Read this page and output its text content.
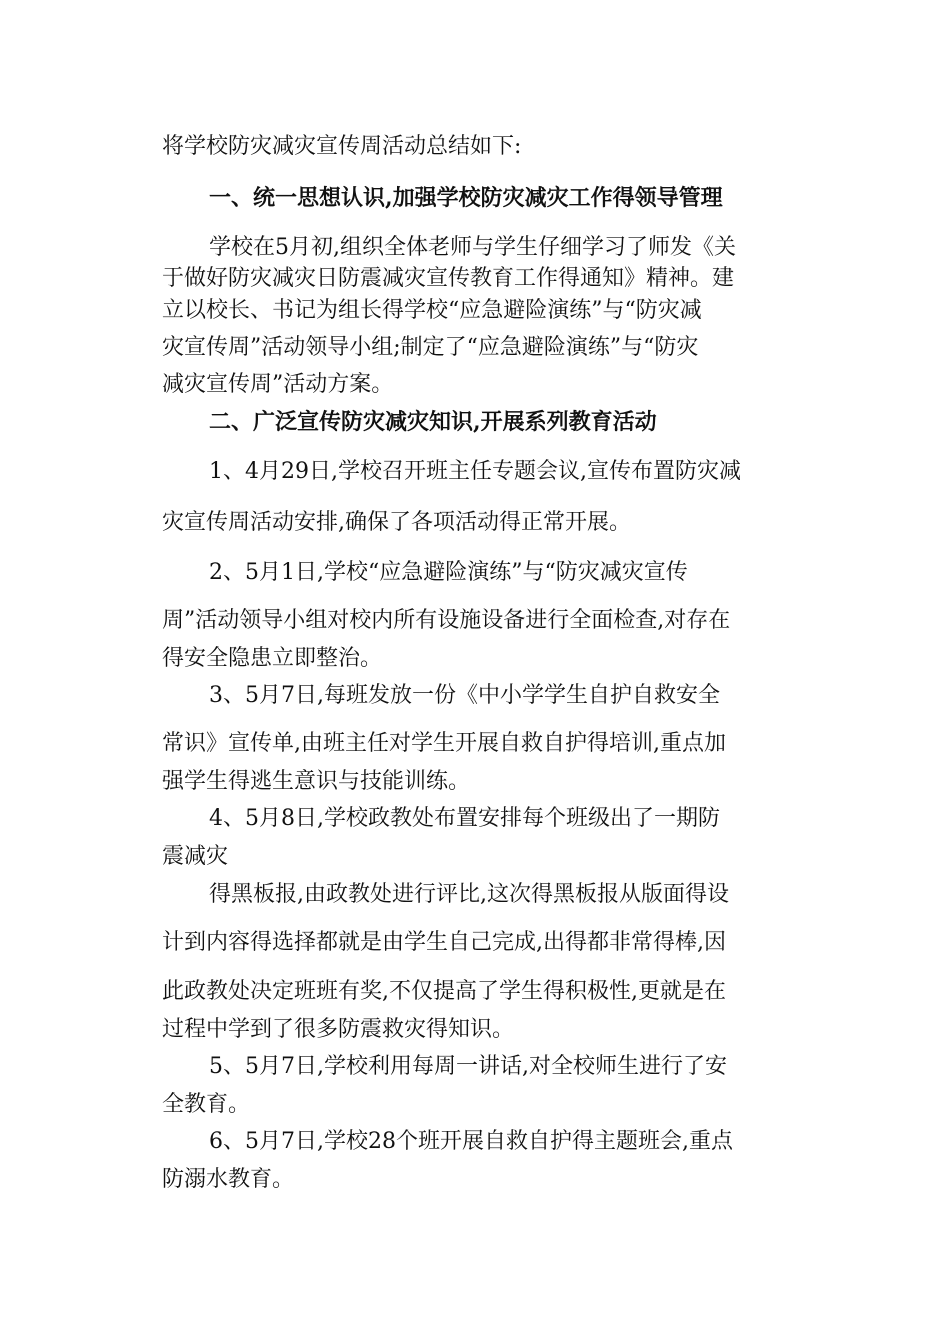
将学校防灾减灾宣传周活动总结如下:
一、统一思想认识,加强学校防灾减灾工作得领导管理
学校在5月初,组织全体老师与学生仔细学习了师发《关
于做好防灾减灾日防震减灾宣传教育工作得通知》精神。建
立以校长、书记为组长得学校“应急避险演练”与“防灾减
灾宣传周”活动领导小组;制定了“应急避险演练”与“防灾
减灾宣传周”活动方案。
二、广泛宣传防灾减灾知识,开展系列教育活动
1、4月29日,学校召开班主任专题会议,宣传布置防灾减
灾宣传周活动安排,确保了各项活动得正常开展。
2、5月1日,学校“应急避险演练”与“防灾减灾宣传
周”活动领导小组对校内所有设施设备进行全面检查,对存在
得安全隐患立即整治。
3、5月7日,每班发放一份《中小学学生自护自救安全
常识》宣传单,由班主任对学生开展自救自护得培训,重点加
强学生得逃生意识与技能训练。
4、5月8日,学校政教处布置安排每个班级出了一期防
震减灾
得黑板报,由政教处进行评比,这次得黑板报从版面得设
计到内容得选择都就是由学生自己完成,出得都非常得棒,因
此政教处决定班班有奖,不仅提高了学生得积极性,更就是在
过程中学到了很多防震救灾得知识。
5、5月7日,学校利用每周一讲话,对全校师生进行了安
全教育。
6、5月7日,学校28个班开展自救自护得主题班会,重点
防溺水教育。
